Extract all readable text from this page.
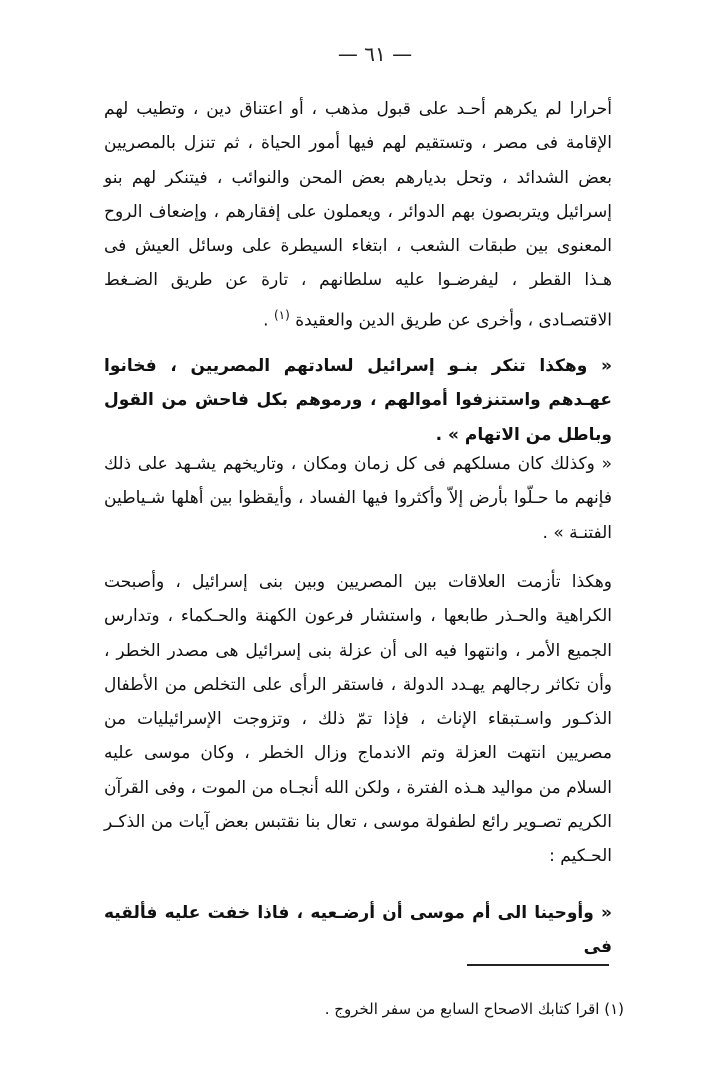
— ٦١ —

أحرارا لم يكرهم أحـد على قبول مذهب ، أو اعتناق دين ، وتطيب لهم الإقامة فى مصر ، وتستقيم لهم فيها أمور الحياة ، ثم تنزل بالمصريين بعض الشدائد ، وتحل بديارهم بعض المحن والنوائب ، فيتنكر لهم بنو إسرائيل ويتربصون بهم الدوائر ، ويعملون على إفقارهم ، وإضعاف الروح المعنوى بين طبقات الشعب ، ابتغاء السيطرة على وسائل العيش فى هـذا القطر ، ليفرضـوا عليه سلطانهم ، تارة عن طريق الضـغط الاقتصـادى ، وأخرى عن طريق الدين والعقيدة $^{(١)}$ .

« وهكذا تنكر بنـو إسرائيل لسادتهم المصريين ، فخانوا عهـدهم واستنزفوا أموالهم ، ورموهم بكل فاحش من القول وباطل من الاتهام » .

« وكذلك كان مسلكهم فى كل زمان ومكان ، وتاريخهم يشـهد على ذلك فإنهم ما حـلّوا بأرض إلاّ وأكثروا فيها الفساد ، وأيقظوا بين أهلها شـياطين الفتنـة » .

وهكذا تأزمت العلاقات بين المصريين وبين بنى إسرائيل ، وأصبحت الكراهية والحـذر طابعها ، واستشار فرعون الكهنة والحـكماء ، وتدارس الجميع الأمر ، وانتهوا فيه الى أن عزلة بنى إسرائيل هى مصدر الخطر ، وأن تكاثر رجالهم يهـدد الدولة ، فاستقر الرأى على التخلص من الأطفال الذكـور واسـتبقاء الإناث ، فإذا تمّ ذلك ، وتزوجت الإسرائيليات من مصريين انتهت العزلة وتم الاندماج وزال الخطر ، وكان موسى عليه السلام من مواليد هـذه الفترة ، ولكن الله أنجـاه من الموت ، وفى القرآن الكريم تصـوير رائع لطفولة موسى ، تعال بنا نقتبس بعض آيات من الذكـر الحـكيم :

« وأوحينا الى أم موسى أن أرضـعيه ، فاذا خفت عليه فألقيه فى

(١) اقرا كتابك الاصحاح السابع من سفر الخروج .
